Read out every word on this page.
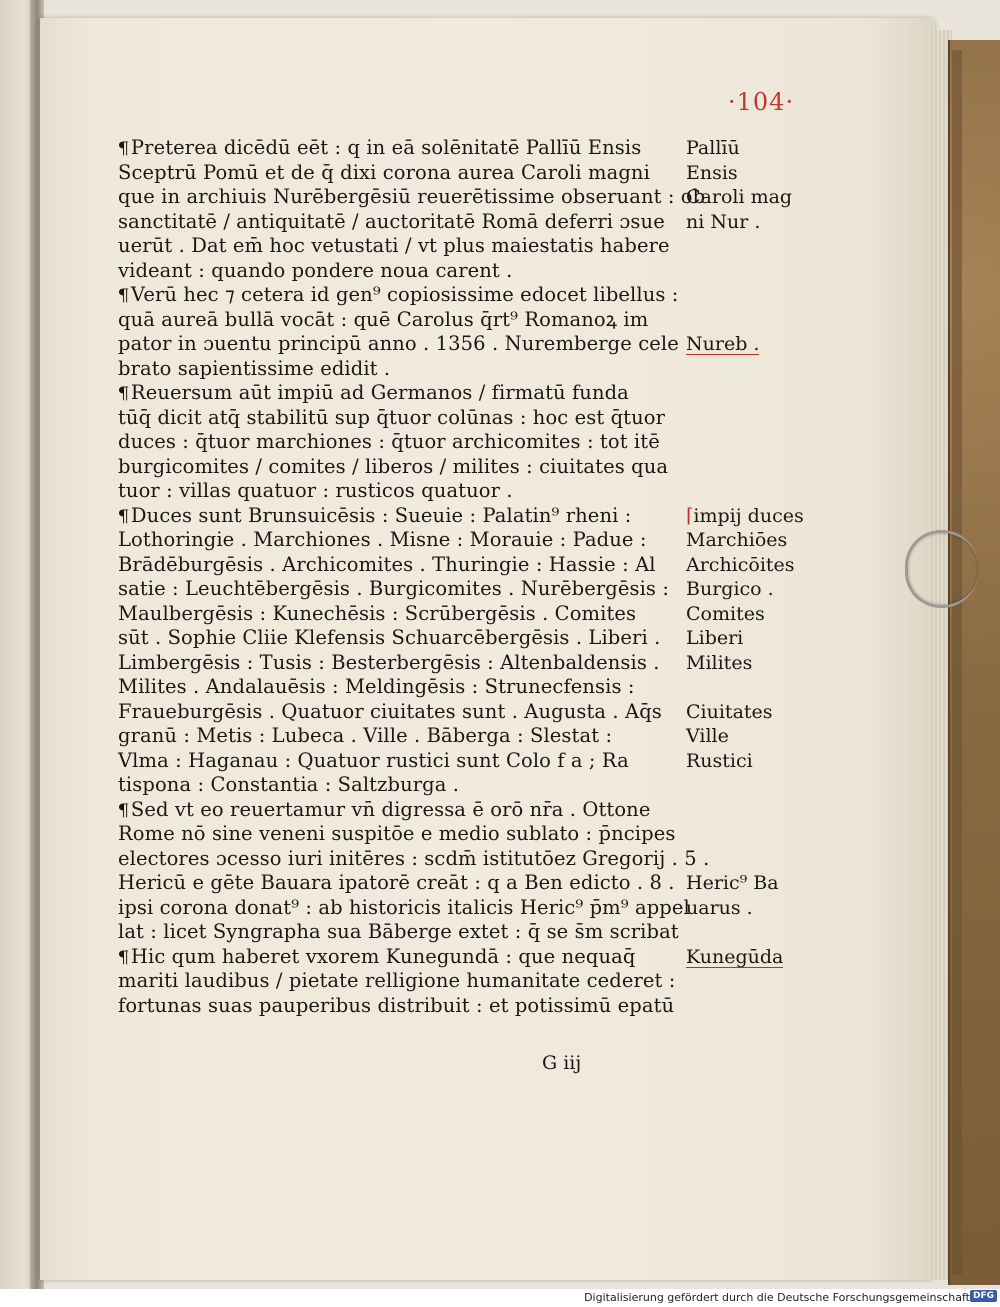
·104·
¶Preterea dicēdū eēt : q in eā solēnitatē Pallīū Ensis
Sceptrū Pomū et de q̄ dixi corona aurea Caroli magni
que in archiuis Nurēbergēsiū reuerētissime obseruant : ob
sanctitatē / antiquitatē / auctoritatē Romā deferri ɔsue
uerūt . Dat em̄ hoc vetustati / vt plus maiestatis habere
videant : quando pondere noua carent .
¶Verū hec ⁊ cetera id gen⁹ copiosissime edocet libellus :
quā aureā bullā vocāt : quē Carolus q̄rt⁹ Romanoꝝ im
pator in ɔuentu principū anno . 1356 . Nuremberge cele
brato sapientissime edidit .
¶Reuersum aūt impiū ad Germanos / firmatū funda
tūq̄ dicit atq̄ stabilitū sup q̄tuor colūnas : hoc est q̄tuor
duces : q̄tuor marchiones : q̄tuor archicomites : tot itē
burgicomites / comites / liberos / milites : ciuitates qua
tuor : villas quatuor : rusticos quatuor .
¶Duces sunt Brunsuicēsis : Sueuie : Palatin⁹ rheni :
Lothoringie . Marchiones . Misne : Morauie : Padue :
Brādēburgēsis . Archicomites . Thuringie : Hassie : Al
satie : Leuchtēbergēsis . Burgicomites . Nurēbergēsis :
Maulbergēsis : Kunechēsis : Scrūbergēsis . Comites
sūt . Sophie Cliie Klefensis Schuarcēbergēsis . Liberi .
Limbergēsis : Tusis : Besterbergēsis : Altenbaldensis .
Milites . Andalauēsis : Meldingēsis : Strunecfensis :
Fraueburgēsis . Quatuor ciuitates sunt . Augusta . Aq̄s
granū : Metis : Lubeca . Ville . Bāberga : Slestat :
Vlma : Haganau : Quatuor rustici sunt Colo f a ; Ra
tispona : Constantia : Saltzburga .
¶Sed vt eo reuertamur vn̄ digressa ē orō nr̄a . Ottone
Rome nō sine veneni suspitōe e medio sublato : p̄ncipes
electores ɔcesso iuri initēres : scdm̄ istitutōez Gregorij . 5 .
Hericū e gēte Bauara ipatorē creāt : q a Ben edicto . 8 .
ipsi corona donat⁹ : ab historicis italicis Heric⁹ p̄m⁹ appel
lat : licet Syngrapha sua Bāberge extet : q̄ se s̄m scribat
¶Hic qum haberet vxorem Kunegundā : que nequaq̄
mariti laudibus / pietate relligione humanitate cederet :
fortunas suas pauperibus distribuit : et potissimū epatū
G iij
Pallīū
Ensis
Caroli mag
ni Nur .
Nureb .
⌈impij duces
Marchiōes
Archicōites
Burgico .
Comites
Liberi
Milites
Ciuitates
Ville
Rustici
Heric⁹ Ba
uarus .
Kunegūda
Digitalisierung gefördert durch die Deutsche Forschungsgemeinschaft DFG
